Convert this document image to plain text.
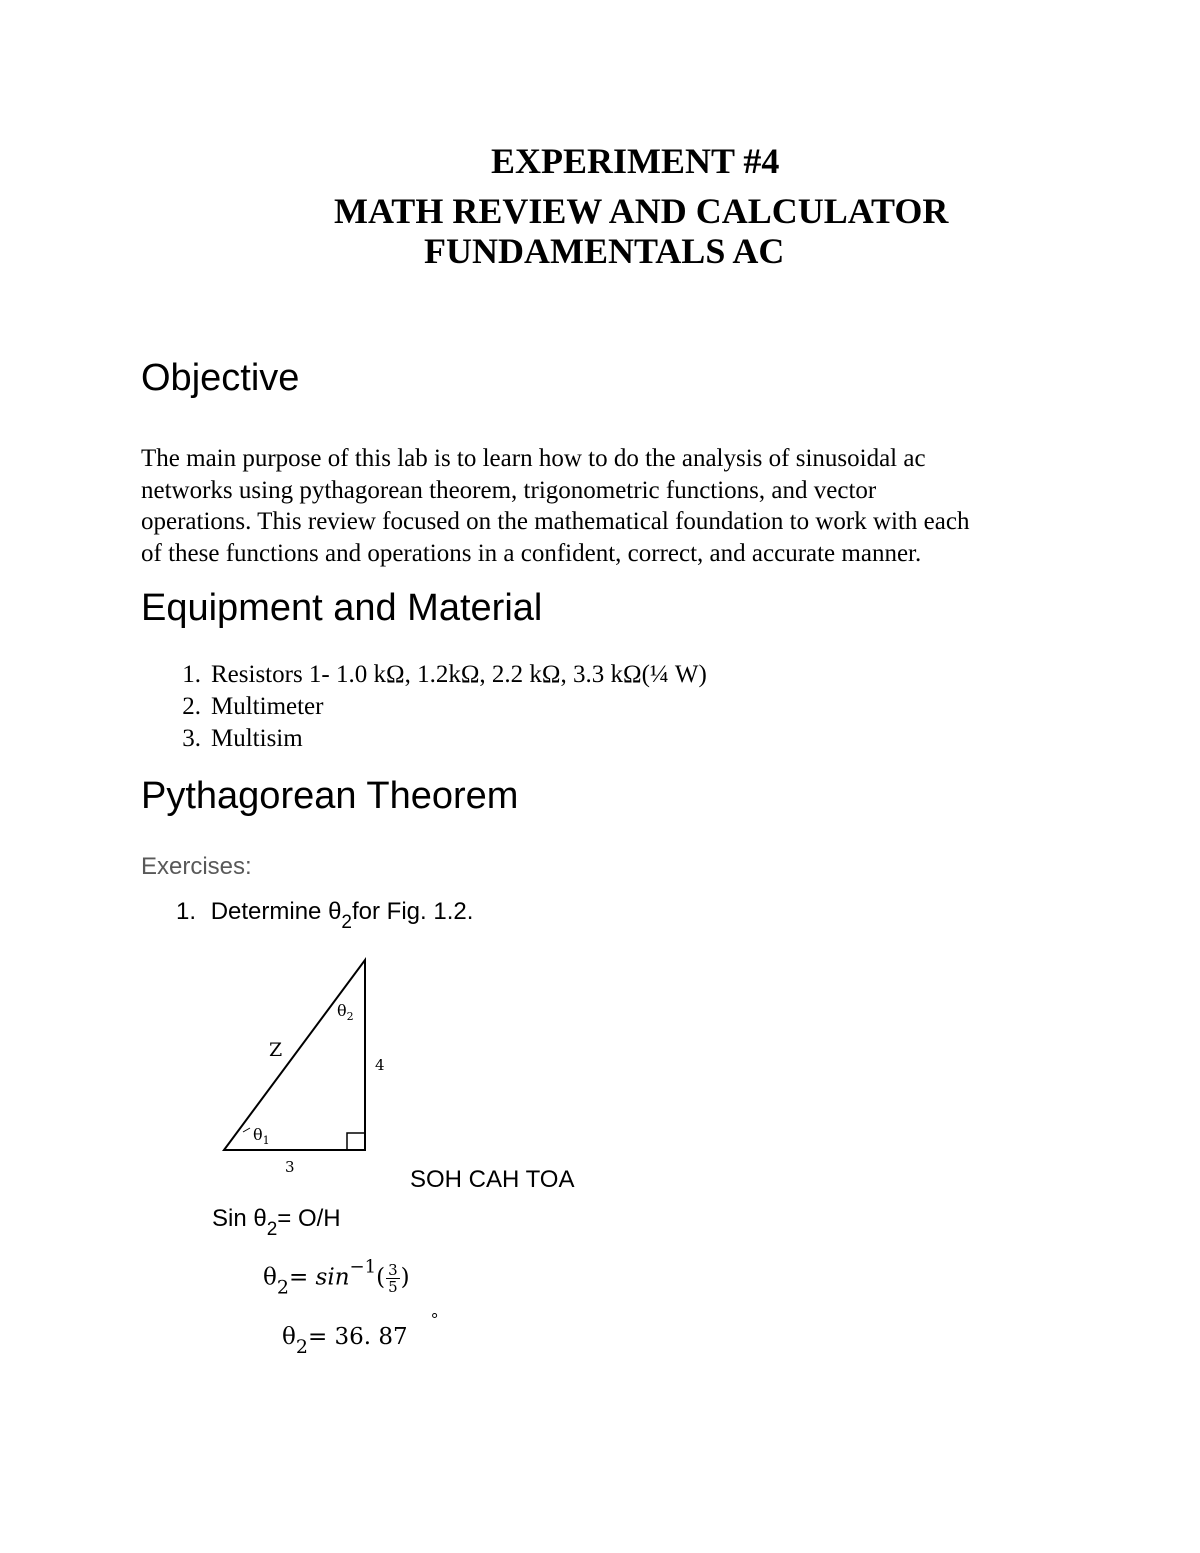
EXPERIMENT #4
MATH REVIEW AND CALCULATOR
FUNDAMENTALS AC
Objective
The main purpose of this lab is to learn how to do the analysis of sinusoidal ac
networks using pythagorean theorem, trigonometric functions, and vector
operations. This review focused on the mathematical foundation to work with each
of these functions and operations in a confident, correct, and accurate manner.
Equipment and Material
1. Resistors 1- 1.0 kΩ, 1.2kΩ, 2.2 kΩ, 3.3 kΩ(¼ W)
2. Multimeter
3. Multisim
Pythagorean Theorem
Exercises:
1. Determine $\theta_2for$ Fig. 1.2.
Z
4
3
$\theta_1$
$\theta_2$
SOH CAH TOA
Sin $\theta_2= O/H$
$\theta_2= \sin^{-1}( \frac{3}{5}$ )
$\theta_2= 36$. 87
°
